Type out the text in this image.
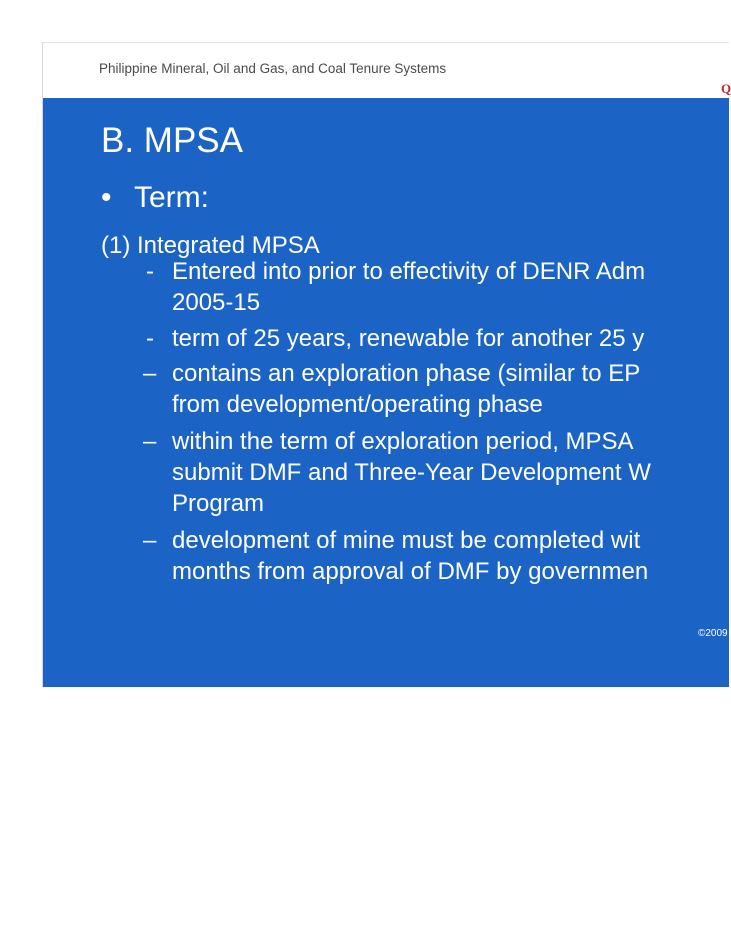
Philippine Mineral, Oil and Gas, and Coal Tenure Systems
Q
B. MPSA
• Term:
(1) Integrated MPSA
- Entered into prior to effectivity of DENR Adm
2005-15
- term of 25 years, renewable for another 25 y
– contains an exploration phase (similar to EP
from development/operating phase
– within the term of exploration period, MPSA
submit DMF and Three-Year Development W
Program
– development of mine must be completed wit
months from approval of DMF by governmen
©2009
